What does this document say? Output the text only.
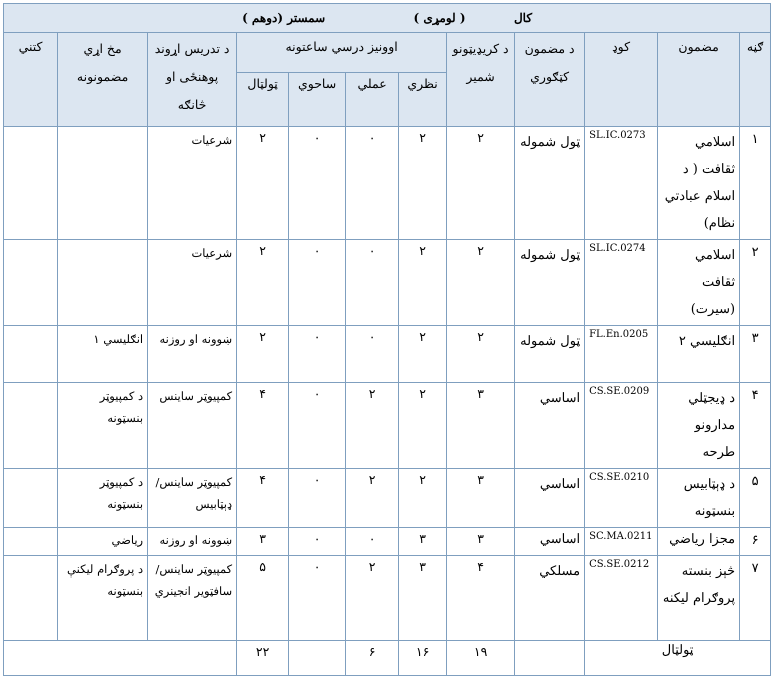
کال  ( لومړی )  سمستر (دوهم )											
ګڼه	مضمون	کوډ	د مضمون کټګوري	د کریډیټونو شمیر	اوونیز درسي ساعتونه				د تدریس اړوند پوهنځی او څانګه	مخ اړي مضمونونه	کتني
					نظري	عملي	ساحوي	ټولټال			
۱	اسلامي ثقافت ( د اسلام عبادتي نظام)	SL.IC.0273	ټول شموله	۲	۲	۰	۰	۲	شرعیات		
۲	اسلامي ثقافت (سیرت)	SL.IC.0274	ټول شموله	۲	۲	۰	۰	۲	شرعیات		
۳	انګلیسي ۲	FL.En.0205	ټول شموله	۲	۲	۰	۰	۲	ښوونه او روزنه	انګلیسي ۱	
۴	د ډیجټلي مدارونو طرحه	CS.SE.0209	اساسي	۳	۲	۲	۰	۴	کمپیوټر ساینس	د کمپیوټر بنسټونه	
۵	د ډېټابیس بنسټونه	CS.SE.0210	اساسي	۳	۲	۲	۰	۴	کمپیوټر ساینس/ ډېټابیس	د کمپیوټر بنسټونه	
۶	مجزا ریاضي	SC.MA.0211	اساسي	۳	۳	۰	۰	۳	ښوونه او روزنه	ریاضي	
۷	څېز بنسته پروګرام لیکنه	CS.SE.0212	مسلکي	۴	۳	۲	۰	۵	کمپیوټر ساینس/ سافټویر انجینري	د پروګرام لیکنې بنسټونه	
ټولټال				۱۹	۱۶	۶		۲۲			
